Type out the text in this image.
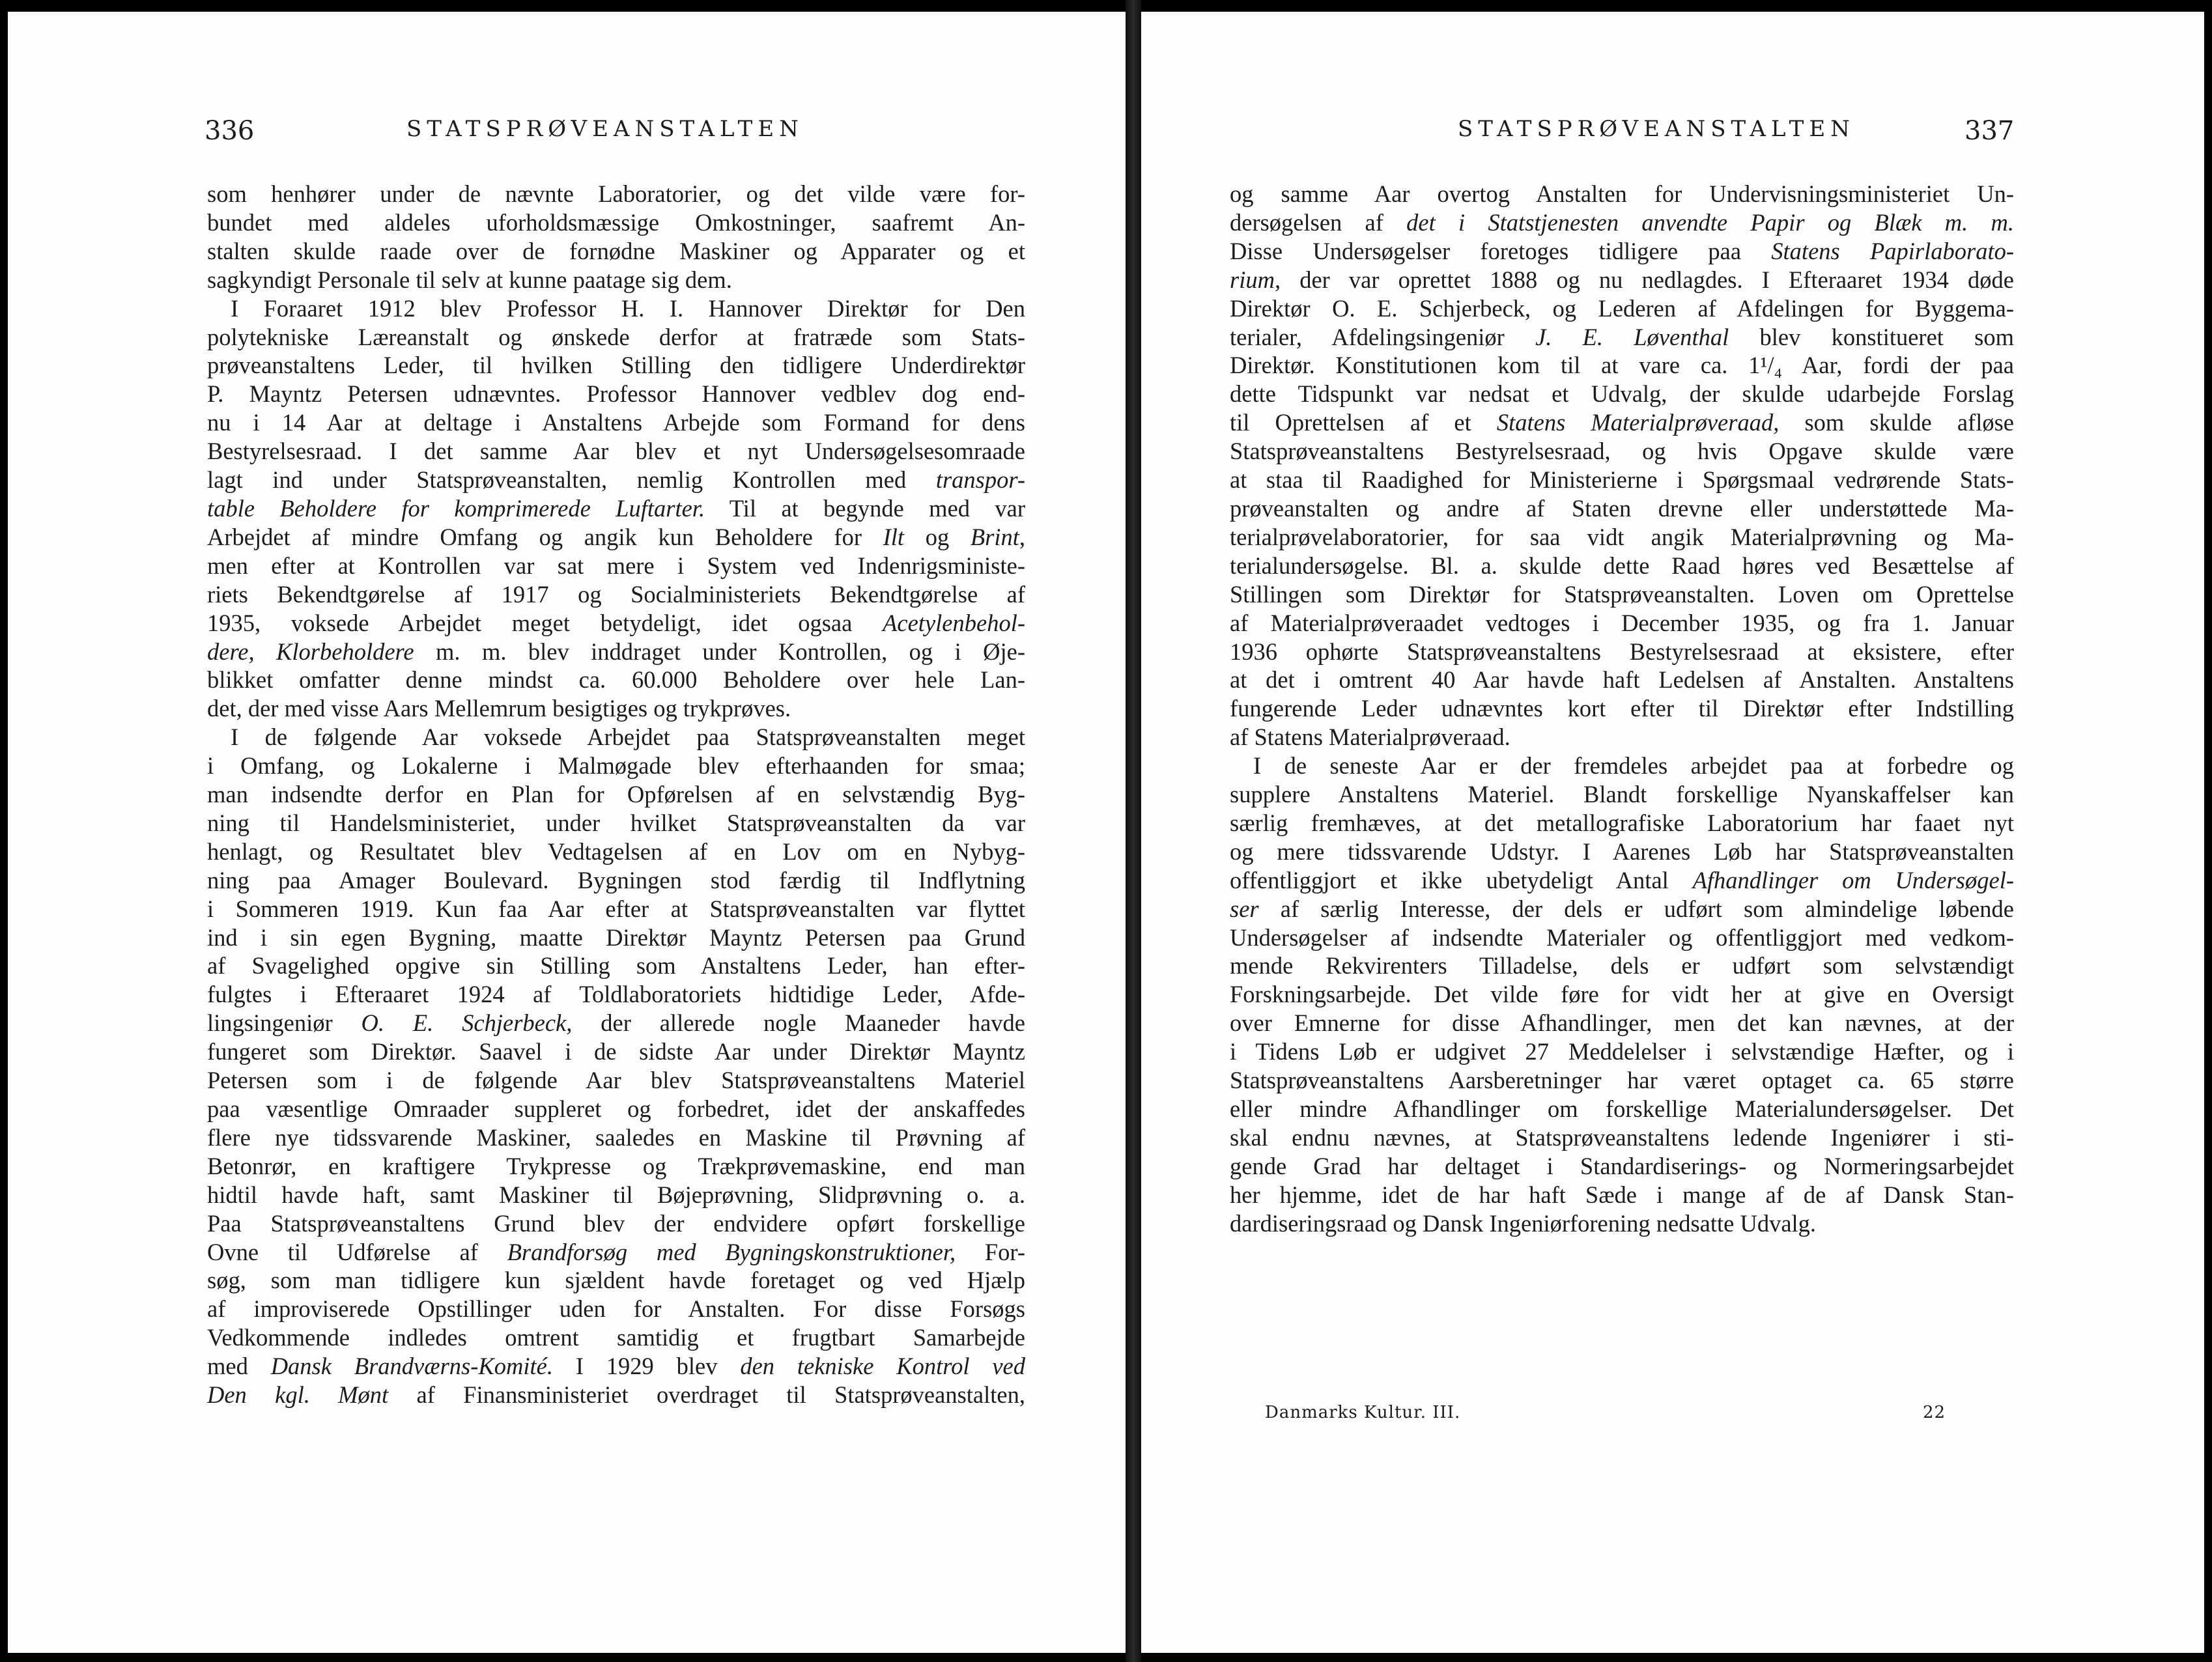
336	STATSPRØVEANSTALTEN
som henhører under de nævnte Laboratorier, og det vilde være for-
bundet med aldeles uforholdsmæssige Omkostninger, saafremt An-
stalten skulde raade over de fornødne Maskiner og Apparater og et
sagkyndigt Personale til selv at kunne paatage sig dem.
I Foraaret 1912 blev Professor H. I. Hannover Direktør for Den
polytekniske Læreanstalt og ønskede derfor at fratræde som Stats-
prøveanstaltens Leder, til hvilken Stilling den tidligere Underdirektør
P. Mayntz Petersen udnævntes. Professor Hannover vedblev dog end-
nu i 14 Aar at deltage i Anstaltens Arbejde som Formand for dens
Bestyrelsesraad. I det samme Aar blev et nyt Undersøgelsesomraade
lagt ind under Statsprøveanstalten, nemlig Kontrollen med transpor-
table Beholdere for komprimerede Luftarter. Til at begynde med var
Arbejdet af mindre Omfang og angik kun Beholdere for Ilt og Brint,
men efter at Kontrollen var sat mere i System ved Indenrigsministe-
riets Bekendtgørelse af 1917 og Socialministeriets Bekendtgørelse af
1935, voksede Arbejdet meget betydeligt, idet ogsaa Acetylenbehol-
dere, Klorbeholdere m. m. blev inddraget under Kontrollen, og i Øje-
blikket omfatter denne mindst ca. 60.000 Beholdere over hele Lan-
det, der med visse Aars Mellemrum besigtiges og trykprøves.
I de følgende Aar voksede Arbejdet paa Statsprøveanstalten meget
i Omfang, og Lokalerne i Malmøgade blev efterhaanden for smaa;
man indsendte derfor en Plan for Opførelsen af en selvstændig Byg-
ning til Handelsministeriet, under hvilket Statsprøveanstalten da var
henlagt, og Resultatet blev Vedtagelsen af en Lov om en Nybyg-
ning paa Amager Boulevard. Bygningen stod færdig til Indflytning
i Sommeren 1919. Kun faa Aar efter at Statsprøveanstalten var flyttet
ind i sin egen Bygning, maatte Direktør Mayntz Petersen paa Grund
af Svagelighed opgive sin Stilling som Anstaltens Leder, han efter-
fulgtes i Efteraaret 1924 af Toldlaboratoriets hidtidige Leder, Afde-
lingsingeniør O. E. Schjerbeck, der allerede nogle Maaneder havde
fungeret som Direktør. Saavel i de sidste Aar under Direktør Mayntz
Petersen som i de følgende Aar blev Statsprøveanstaltens Materiel
paa væsentlige Omraader suppleret og forbedret, idet der anskaffedes
flere nye tidssvarende Maskiner, saaledes en Maskine til Prøvning af
Betonrør, en kraftigere Trykpresse og Trækprøvemaskine, end man
hidtil havde haft, samt Maskiner til Bøjeprøvning, Slidprøvning o. a.
Paa Statsprøveanstaltens Grund blev der endvidere opført forskellige
Ovne til Udførelse af Brandforsøg med Bygningskonstruktioner, For-
søg, som man tidligere kun sjældent havde foretaget og ved Hjælp
af improviserede Opstillinger uden for Anstalten. For disse Forsøgs
Vedkommende indledes omtrent samtidig et frugtbart Samarbejde
med Dansk Brandværns-Komité. I 1929 blev den tekniske Kontrol ved
Den kgl. Mønt af Finansministeriet overdraget til Statsprøveanstalten,
STATSPRØVEANSTALTEN	337
og samme Aar overtog Anstalten for Undervisningsministeriet Un-
dersøgelsen af det i Statstjenesten anvendte Papir og Blæk m. m.
Disse Undersøgelser foretoges tidligere paa Statens Papirlaborato-
rium, der var oprettet 1888 og nu nedlagdes. I Efteraaret 1934 døde
Direktør O. E. Schjerbeck, og Lederen af Afdelingen for Byggema-
terialer, Afdelingsingeniør J. E. Løventhal blev konstitueret som
Direktør. Konstitutionen kom til at vare ca. 1¹/₄ Aar, fordi der paa
dette Tidspunkt var nedsat et Udvalg, der skulde udarbejde Forslag
til Oprettelsen af et Statens Materialprøveraad, som skulde afløse
Statsprøveanstaltens Bestyrelsesraad, og hvis Opgave skulde være
at staa til Raadighed for Ministerierne i Spørgsmaal vedrørende Stats-
prøveanstalten og andre af Staten drevne eller understøttede Ma-
terialprøvelaboratorier, for saa vidt angik Materialprøvning og Ma-
terialundersøgelse. Bl. a. skulde dette Raad høres ved Besættelse af
Stillingen som Direktør for Statsprøveanstalten. Loven om Oprettelse
af Materialprøveraadet vedtoges i December 1935, og fra 1. Januar
1936 ophørte Statsprøveanstaltens Bestyrelsesraad at eksistere, efter
at det i omtrent 40 Aar havde haft Ledelsen af Anstalten. Anstaltens
fungerende Leder udnævntes kort efter til Direktør efter Indstilling
af Statens Materialprøveraad.
I de seneste Aar er der fremdeles arbejdet paa at forbedre og
supplere Anstaltens Materiel. Blandt forskellige Nyanskaffelser kan
særlig fremhæves, at det metallografiske Laboratorium har faaet nyt
og mere tidssvarende Udstyr. I Aarenes Løb har Statsprøveanstalten
offentliggjort et ikke ubetydeligt Antal Afhandlinger om Undersøgel-
ser af særlig Interesse, der dels er udført som almindelige løbende
Undersøgelser af indsendte Materialer og offentliggjort med vedkom-
mende Rekvirenters Tilladelse, dels er udført som selvstændigt
Forskningsarbejde. Det vilde føre for vidt her at give en Oversigt
over Emnerne for disse Afhandlinger, men det kan nævnes, at der
i Tidens Løb er udgivet 27 Meddelelser i selvstændige Hæfter, og i
Statsprøveanstaltens Aarsberetninger har været optaget ca. 65 større
eller mindre Afhandlinger om forskellige Materialundersøgelser. Det
skal endnu nævnes, at Statsprøveanstaltens ledende Ingeniører i sti-
gende Grad har deltaget i Standardiserings- og Normeringsarbejdet
her hjemme, idet de har haft Sæde i mange af de af Dansk Stan-
dardiseringsraad og Dansk Ingeniørforening nedsatte Udvalg.
Danmarks Kultur. III.	22
